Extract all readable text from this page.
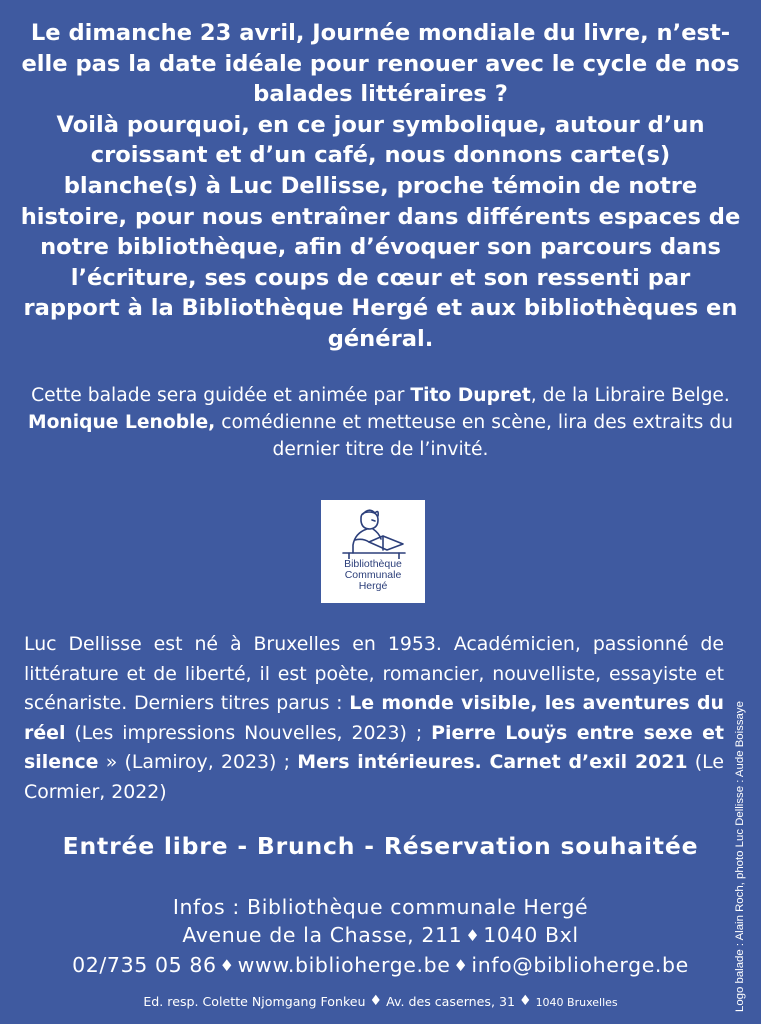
Le dimanche 23 avril, Journée mondiale du livre, n’est-elle pas la date idéale pour renouer avec le cycle de nos balades littéraires ?

Voilà pourquoi, en ce jour symbolique, autour d’un croissant et d’un café, nous donnons carte(s) blanche(s) à Luc Dellisse, proche témoin de notre histoire, pour nous entraîner dans différents espaces de notre bibliothèque, afin d’évoquer son parcours dans l’écriture, ses coups de cœur et son ressenti par rapport à la Bibliothèque Hergé et aux bibliothèques en général.

Cette balade sera guidée et animée par Tito Dupret, de la Libraire Belge. Monique Lenoble, comédienne et metteuse en scène, lira des extraits du dernier titre de l’invité.
Bibliothèque
Communale
Hergé
Luc Dellisse est né à Bruxelles en 1953. Académicien, passionné de littérature et de liberté, il est poète, romancier, nouvelliste, essayiste et scénariste. Derniers titres parus : Le monde visible, les aventures du réel (Les impressions Nouvelles, 2023) ; Pierre Louÿs entre sexe et silence » (Lamiroy, 2023) ; Mers intérieures. Carnet d’exil 2021 (Le Cormier, 2022)
Entrée libre - Brunch - Réservation souhaitée
Infos : Bibliothèque communale Hergé
Avenue de la Chasse, 211 ♦ 1040 Bxl
02/735 05 86 ♦ www.biblioherge.be ♦ info@biblioherge.be
Ed. resp. Colette Njomgang Fonkeu ♦ Av. des casernes, 31 ♦ 1040 Bruxelles	Logo balade : Alain Roch, photo Luc Dellisse : Aude Boissaye
